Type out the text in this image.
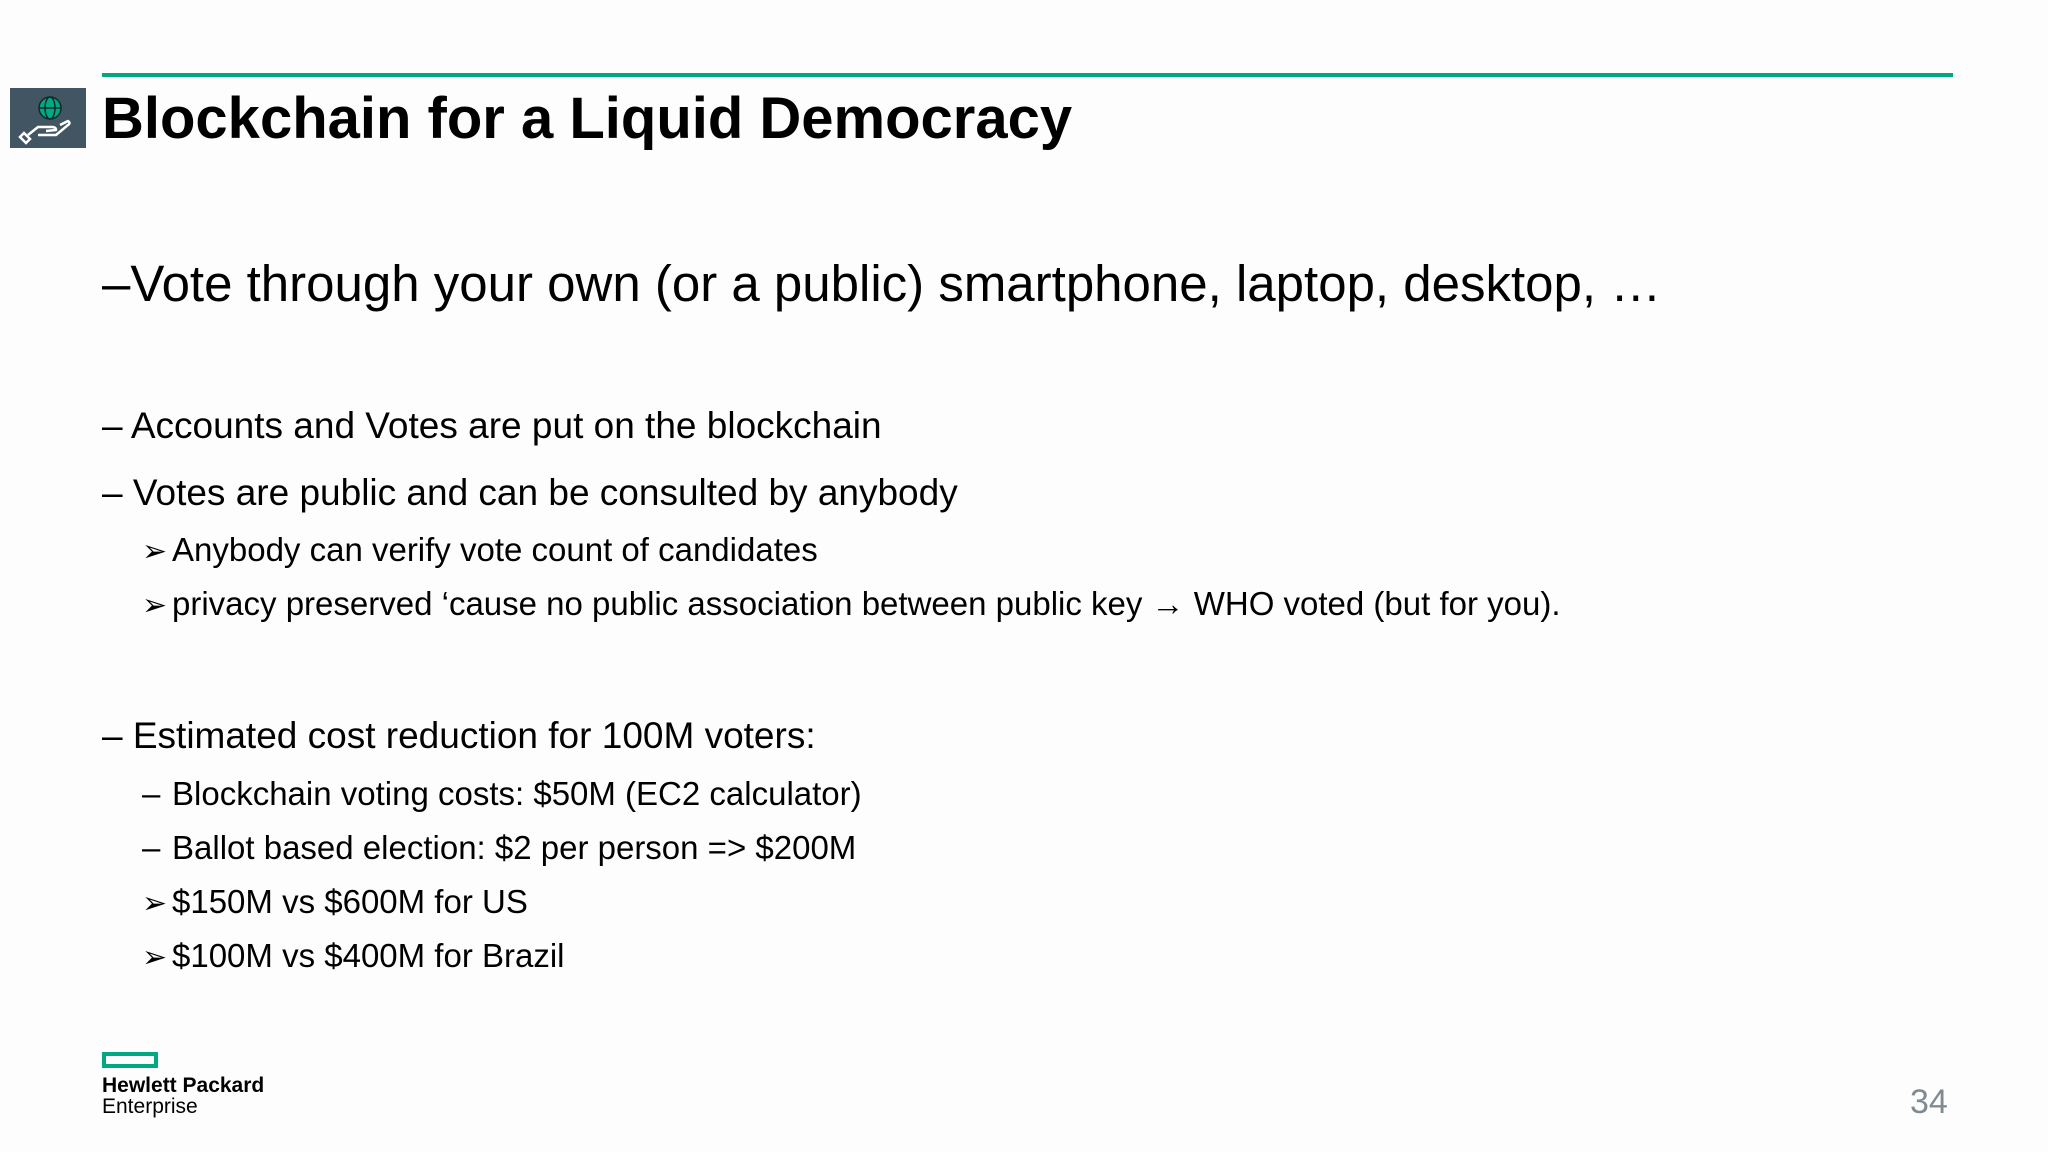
Blockchain for a Liquid Democracy
–Vote through your own (or a public) smartphone, laptop, desktop, …
– Accounts and Votes are put on the blockchain
– Votes are public and can be consulted by anybody
➢ Anybody can verify vote count of candidates
➢ privacy preserved ‘cause no public association between public key → WHO voted (but for you).
– Estimated cost reduction for 100M voters:
– Blockchain voting costs: $50M (EC2 calculator)
– Ballot based election: $2 per person => $200M
➢ $150M vs $600M for US
➢ $100M vs $400M for Brazil
Hewlett Packard
Enterprise	34
